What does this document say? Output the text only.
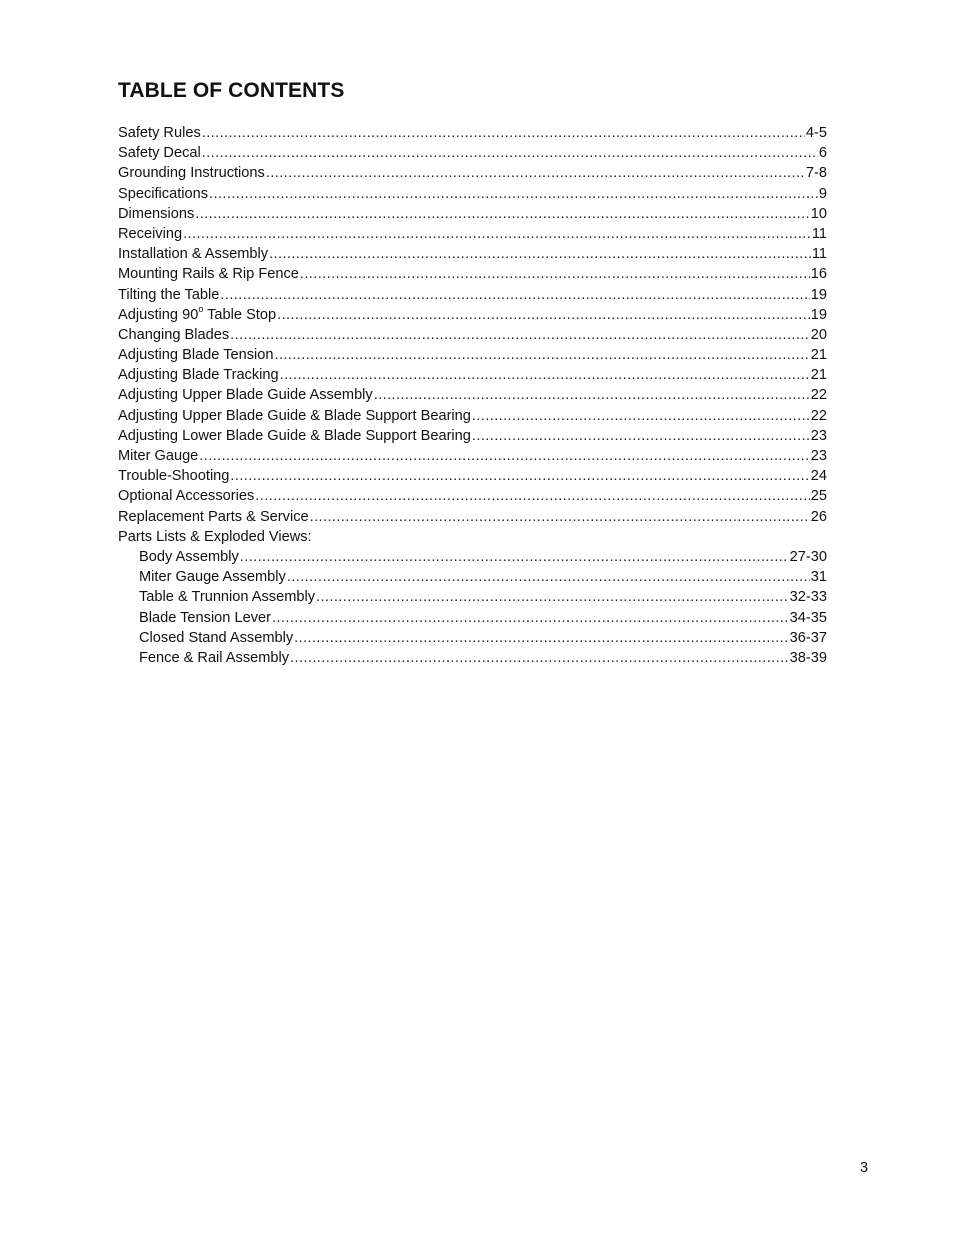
TABLE OF CONTENTS
Safety Rules .....	4-5
Safety Decal .....	6
Grounding Instructions .....	7-8
Specifications .....	9
Dimensions .....	10
Receiving .....	11
Installation & Assembly .....	11
Mounting Rails & Rip Fence .....	16
Tilting the Table .....	19
Adjusting 90$^o$ Table Stop .....	19
Changing Blades .....	20
Adjusting Blade Tension .....	21
Adjusting Blade Tracking .....	21
Adjusting Upper Blade Guide Assembly .....	22
Adjusting Upper Blade Guide & Blade Support Bearing .....	22
Adjusting Lower Blade Guide & Blade Support Bearing .....	23
Miter Gauge .....	23
Trouble-Shooting .....	24
Optional Accessories .....	25
Replacement Parts & Service .....	26
Parts Lists & Exploded Views:
Body Assembly .....	27-30
Miter Gauge Assembly .....	31
Table & Trunnion Assembly .....	32-33
Blade Tension Lever .....	34-35
Closed Stand Assembly .....	36-37
Fence & Rail Assembly .....	38-39
3
